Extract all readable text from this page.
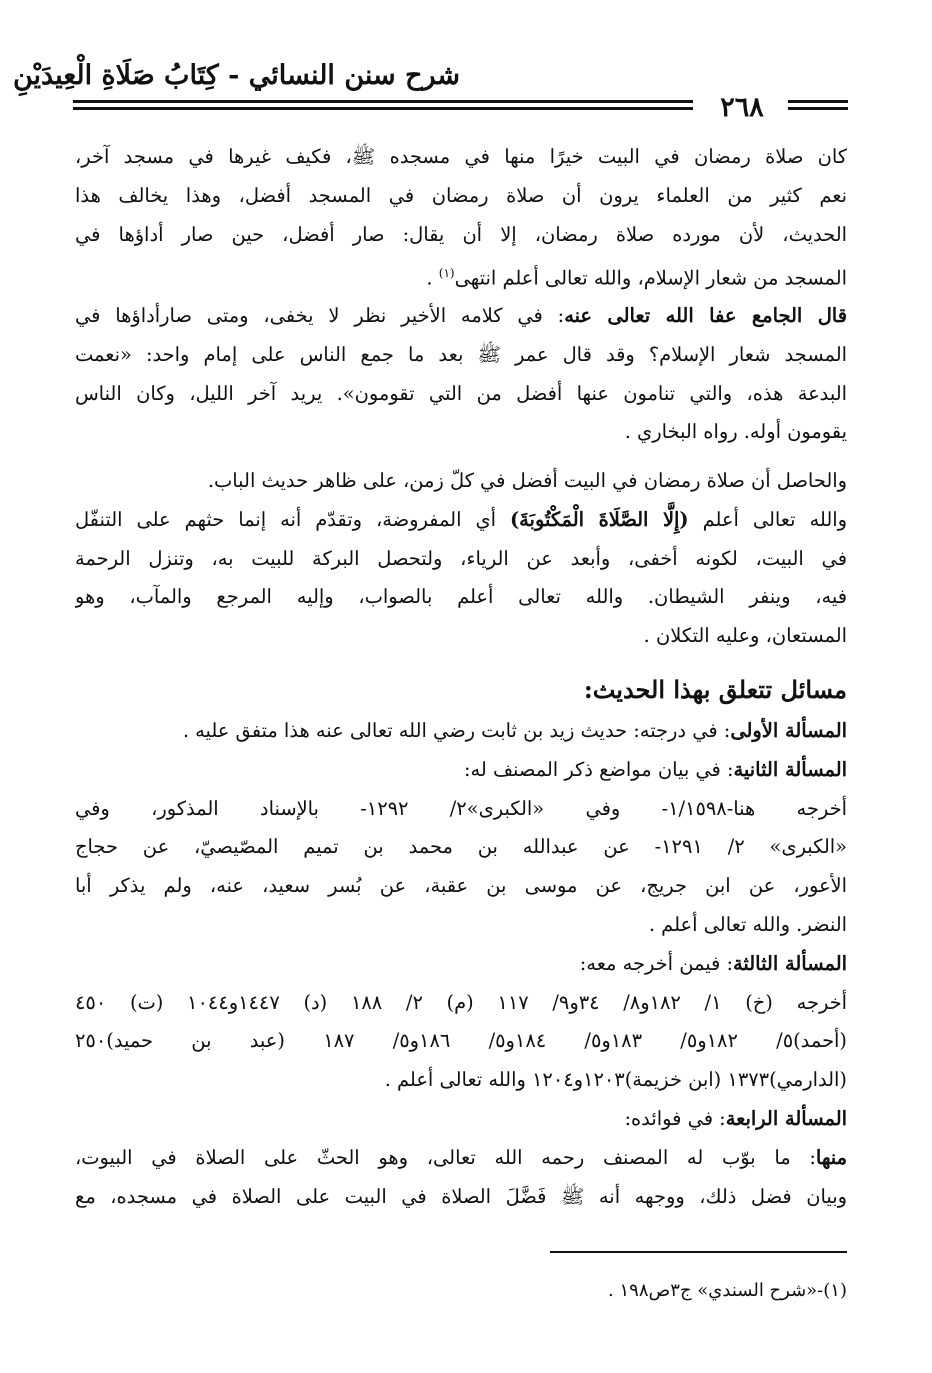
شرح سنن النسائي - كِتَابُ صَلَاةِ الْعِيدَيْنِ
٢٦٨
كان صلاة رمضان في البيت خيرًا منها في مسجده ﷺ، فكيف غيرها في مسجد آخر،
نعم كثير من العلماء يرون أن صلاة رمضان في المسجد أفضل، وهذا يخالف هذا
الحديث، لأن مورده صلاة رمضان، إلا أن يقال: صار أفضل، حين صار أداؤها في
المسجد من شعار الإسلام، والله تعالى أعلم انتهى$^{(١)}$ .
قال الجامع عفا الله تعالى عنه: في كلامه الأخير نظر لا يخفى، ومتى صارأداؤها في
المسجد شعار الإسلام؟ وقد قال عمر ﷺ بعد ما جمع الناس على إمام واحد: «نعمت
البدعة هذه، والتي تنامون عنها أفضل من التي تقومون». يريد آخر الليل، وكان الناس
يقومون أوله. رواه البخاري .
والحاصل أن صلاة رمضان في البيت أفضل في كلّ زمن، على ظاهر حديث الباب.
والله تعالى أعلم (إِلَّا الصَّلَاةَ الْمَكْتُوبَةَ) أي المفروضة، وتقدّم أنه إنما حثهم على التنفّل
في البيت، لكونه أخفى، وأبعد عن الرياء، ولتحصل البركة للبيت به، وتنزل الرحمة
فيه، وينفر الشيطان. والله تعالى أعلم بالصواب، وإليه المرجع والمآب، وهو
المستعان، وعليه التكلان .
مسائل تتعلق بهذا الحديث:
المسألة الأولى: في درجته: حديث زيد بن ثابت رضي الله تعالى عنه هذا متفق عليه .
المسألة الثانية: في بيان مواضع ذكر المصنف له:
أخرجه هنا-١/١٥٩٨- وفي «الكبرى»٢/ ١٢٩٢- بالإسناد المذكور، وفي
«الكبرى» ٢/ ١٢٩١- عن عبدالله بن محمد بن تميم المصّيصيّ، عن حجاج
الأعور، عن ابن جريج، عن موسى بن عقبة، عن بُسر سعيد، عنه، ولم يذكر أبا
النضر. والله تعالى أعلم .
المسألة الثالثة: فيمن أخرجه معه:
أخرجه (خ) ١/ ١٨٢و٨/ ٣٤و٩/ ١١٧ (م) ٢/ ١٨٨ (د) ١٤٤٧و١٠٤٤ (ت) ٤٥٠
(أحمد)٥/ ١٨٢و٥/ ١٨٣و٥/ ١٨٤و٥/ ١٨٦و٥/ ١٨٧ (عبد بن حميد)٢٥٠
(الدارمي)١٣٧٣ (ابن خزيمة)١٢٠٣و١٢٠٤ والله تعالى أعلم .
المسألة الرابعة: في فوائده:
منها: ما بوّب له المصنف رحمه الله تعالى، وهو الحثّ على الصلاة في البيوت،
وبيان فضل ذلك، ووجهه أنه ﷺ فَضَّلَ الصلاة في البيت على الصلاة في مسجده، مع
(١)-«شرح السندي» ج٣ص١٩٨ .
